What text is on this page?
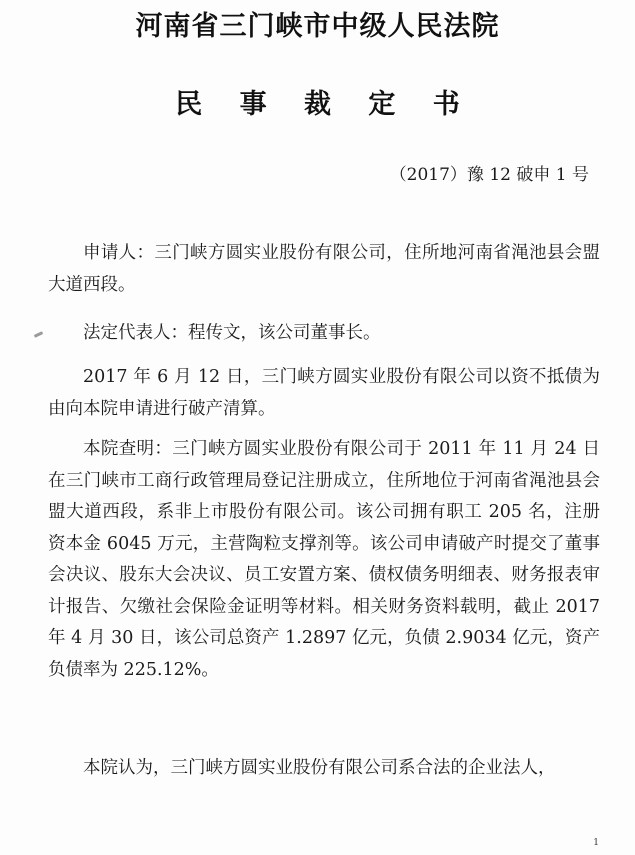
河南省三门峡市中级人民法院
民 事 裁 定 书
（2017）豫 12 破申 1 号

申请人：三门峡方圆实业股份有限公司，住所地河南省渑池县会盟大道西段。

法定代表人：程传文，该公司董事长。

2017 年 6 月 12 日，三门峡方圆实业股份有限公司以资不抵债为由向本院申请进行破产清算。

本院查明：三门峡方圆实业股份有限公司于 2011 年 11 月 24 日在三门峡市工商行政管理局登记注册成立，住所地位于河南省渑池县会盟大道西段，系非上市股份有限公司。该公司拥有职工 205 名，注册资本金 6045 万元，主营陶粒支撑剂等。该公司申请破产时提交了董事会决议、股东大会决议、员工安置方案、债权债务明细表、财务报表审计报告、欠缴社会保险金证明等材料。相关财务资料载明，截止 2017 年 4 月 30 日，该公司总资产 1.2897 亿元，负债 2.9034 亿元，资产负债率为 225.12%。

本院认为，三门峡方圆实业股份有限公司系合法的企业法人，

1
